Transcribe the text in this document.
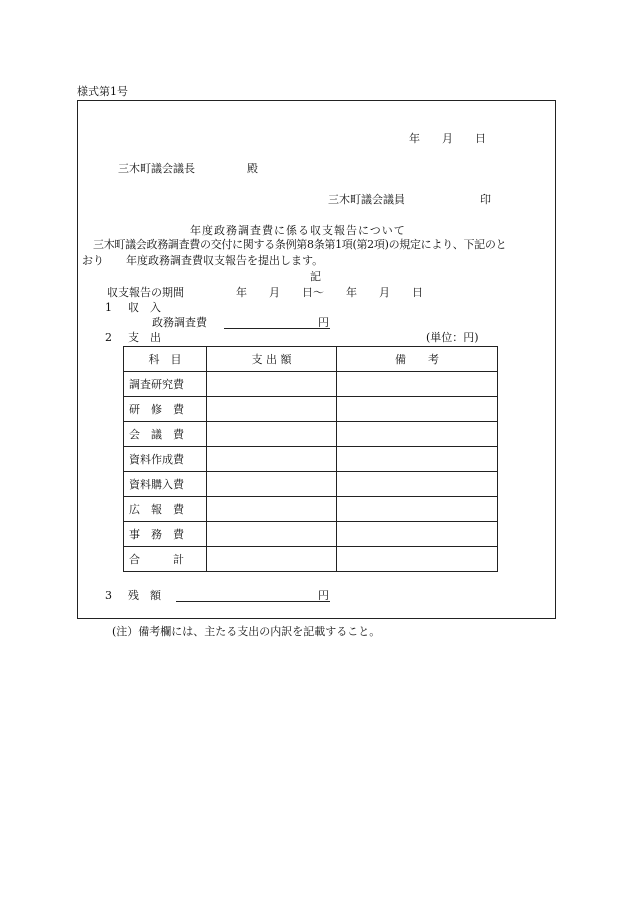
様式第1号
年　　月　　日
三木町議会議長	殿
三木町議会議員	印
年度政務調査費に係る収支報告について
三木町議会政務調査費の交付に関する条例第8条第1項(第2項)の規定により、下記のと
おり　　年度政務調査費収支報告を提出します。
記
収支報告の期間	年　　月　　日～　　年　　月　　日
1 収　入
政務調査費	円
2 支　出	(単位：円)
科　目	支 出 額	備　　考
調査研究費		
研　修　費		
会　議　費		
資料作成費		
資料購入費		
広　報　費		
事　務　費		
合　　　計		
3 残　額	円
(注）備考欄には、主たる支出の内訳を記載すること。
